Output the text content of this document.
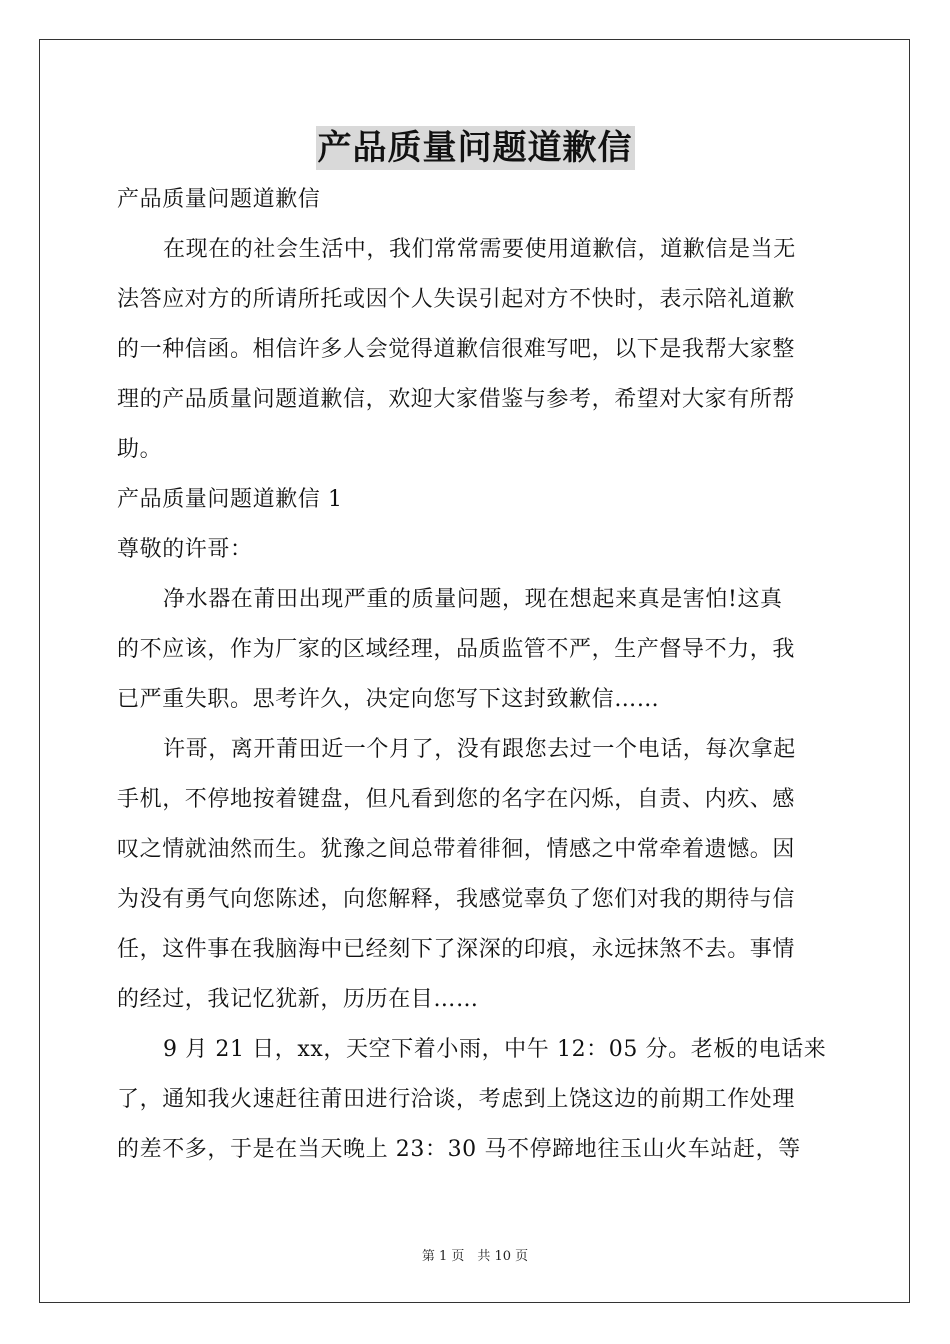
产品质量问题道歉信
产品质量问题道歉信
在现在的社会生活中，我们常常需要使用道歉信，道歉信是当无
法答应对方的所请所托或因个人失误引起对方不快时，表示陪礼道歉
的一种信函。相信许多人会觉得道歉信很难写吧，以下是我帮大家整
理的产品质量问题道歉信，欢迎大家借鉴与参考，希望对大家有所帮
助。
产品质量问题道歉信 1
尊敬的许哥：
净水器在莆田出现严重的质量问题，现在想起来真是害怕!这真
的不应该，作为厂家的区域经理，品质监管不严，生产督导不力，我
已严重失职。思考许久，决定向您写下这封致歉信……
许哥，离开莆田近一个月了，没有跟您去过一个电话，每次拿起
手机，不停地按着键盘，但凡看到您的名字在闪烁，自责、内疚、感
叹之情就油然而生。犹豫之间总带着徘徊，情感之中常牵着遗憾。因
为没有勇气向您陈述，向您解释，我感觉辜负了您们对我的期待与信
任，这件事在我脑海中已经刻下了深深的印痕，永远抹煞不去。事情
的经过，我记忆犹新，历历在目……
9 月 21 日，xx，天空下着小雨，中午 12：05 分。老板的电话来
了，通知我火速赶往莆田进行洽谈，考虑到上饶这边的前期工作处理
的差不多，于是在当天晚上 23：30 马不停蹄地往玉山火车站赶，等
第 1 页　共 10 页
